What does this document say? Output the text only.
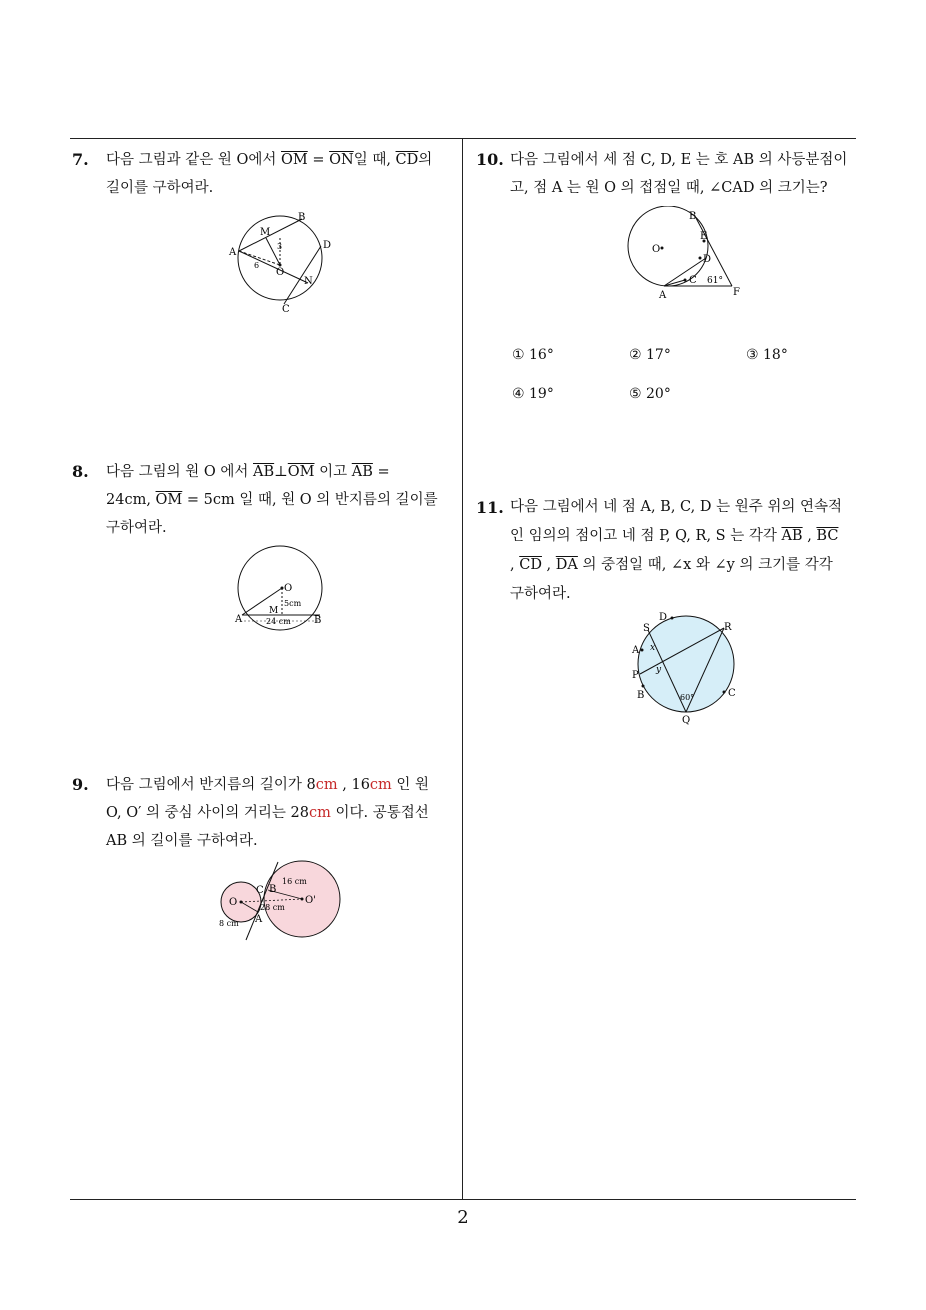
7. 다음 그림과 같은 원 O에서 $\overline{OM} = \overline{ON}$일 때, $\overline{CD}$의
길이를 구하여라.
A
B
C
D
M
N
O
3
6
8. 다음 그림의 원 O 에서 $\overline{AB}\perp\overline{OM}$ 이고 $\overline{AB}$ =
24cm, $\overline{OM} = 5cm$ 일 때, 원 O 의 반지름의 길이를
구하여라.
O
A	B
M
5cm
24 cm
9. 다음 그림에서 반지름의 길이가 8cm , 16cm 인 원
O, O′ 의 중심 사이의 거리는 28cm 이다. 공통접선
AB 의 길이를 구하여라.
O	O'
A
B
C
8 cm
16 cm
28 cm
10. 다음 그림에서 세 점 C, D, E 는 호 AB 의 사등분점이
고, 점 A 는 원 O 의 접점일 때, ∠CAD 의 크기는?
O
A
B
C
D
E
F
61°
① 16°	② 17°	③ 18°
④ 19°	⑤ 20°
11. 다음 그림에서 네 점 A, B, C, D 는 원주 위의 연속적
인 임의의 점이고 네 점 P, Q, R, S 는 각각 $\overline{AB}$ , $\overline{BC}$
, $\overline{CD}$ , $\overline{DA}$ 의 중점일 때, ∠x 와 ∠y 의 크기를 각각
구하여라.
A
B	C
D
P
Q
R
S
x
y
60°
2
